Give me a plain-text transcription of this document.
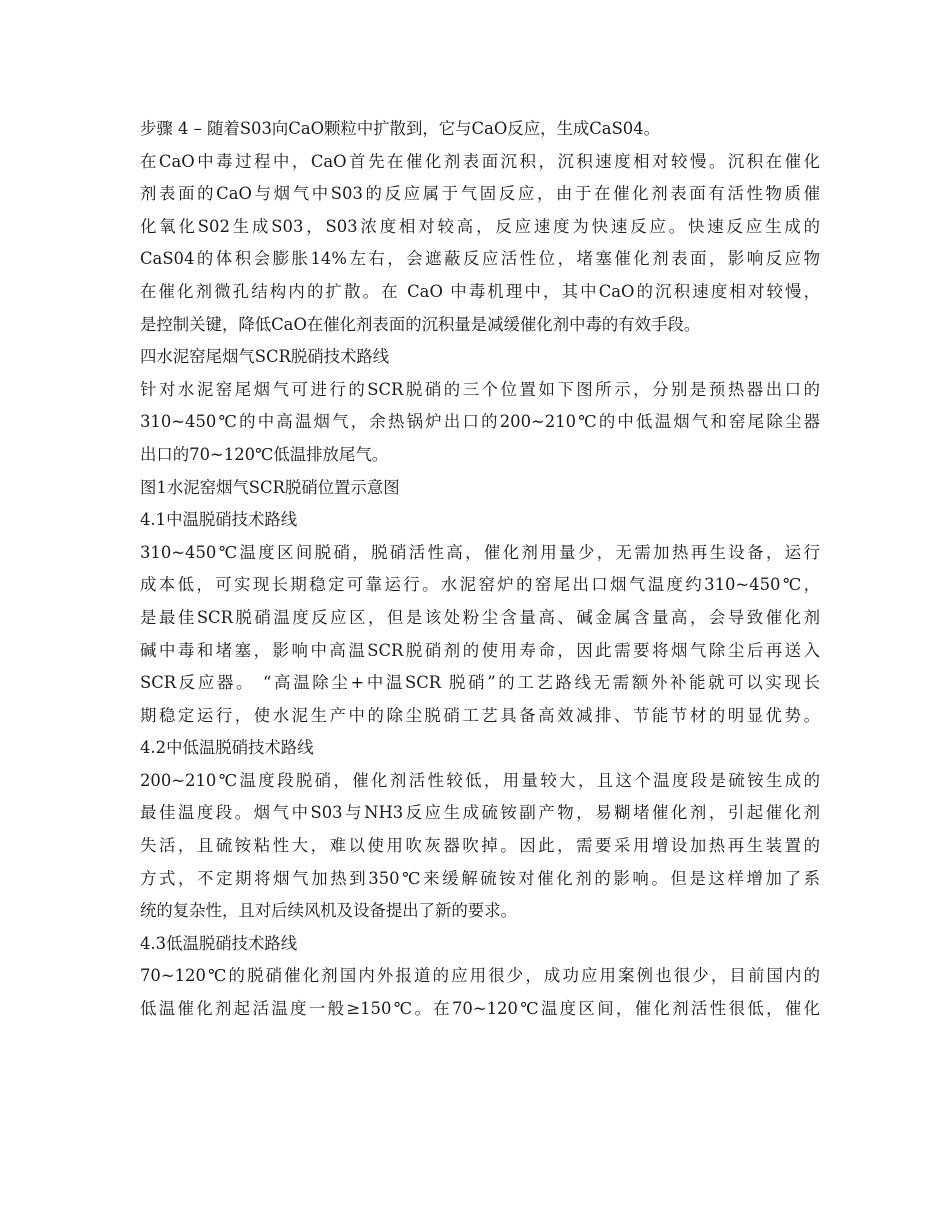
步骤 4 – 随着S03向CaO颗粒中扩散到，它与CaO反应，生成CaS04。
在CaO中毒过程中，CaO首先在催化剂表面沉积，沉积速度相对较慢。沉积在催化
剂表面的CaO与烟气中S03的反应属于气固反应，由于在催化剂表面有活性物质催
化氧化S02生成S03，S03浓度相对较高，反应速度为快速反应。快速反应生成的
CaS04的体积会膨胀14%左右，会遮蔽反应活性位，堵塞催化剂表面，影响反应物
在催化剂微孔结构内的扩散。在 CaO 中毒机理中，其中CaO的沉积速度相对较慢，
是控制关键，降低CaO在催化剂表面的沉积量是减缓催化剂中毒的有效手段。
四水泥窑尾烟气SCR脱硝技术路线
针对水泥窑尾烟气可进行的SCR脱硝的三个位置如下图所示，分别是预热器出口的
310~450℃的中高温烟气，余热锅炉出口的200~210℃的中低温烟气和窑尾除尘器
出口的70~120℃低温排放尾气。
图1水泥窑烟气SCR脱硝位置示意图
4.1中温脱硝技术路线
310~450℃温度区间脱硝，脱硝活性高，催化剂用量少，无需加热再生设备，运行
成本低，可实现长期稳定可靠运行。水泥窑炉的窑尾出口烟气温度约310~450℃，
是最佳SCR脱硝温度反应区，但是该处粉尘含量高、碱金属含量高，会导致催化剂
碱中毒和堵塞，影响中高温SCR脱硝剂的使用寿命，因此需要将烟气除尘后再送入
SCR反应器。 “高温除尘+中温SCR 脱硝”的工艺路线无需额外补能就可以实现长
期稳定运行，使水泥生产中的除尘脱硝工艺具备高效减排、节能节材的明显优势。
4.2中低温脱硝技术路线
200~210℃温度段脱硝，催化剂活性较低，用量较大，且这个温度段是硫铵生成的
最佳温度段。烟气中S03与NH3反应生成硫铵副产物，易糊堵催化剂，引起催化剂
失活，且硫铵粘性大，难以使用吹灰器吹掉。因此，需要采用增设加热再生装置的
方式，不定期将烟气加热到350℃来缓解硫铵对催化剂的影响。但是这样增加了系
统的复杂性，且对后续风机及设备提出了新的要求。
4.3低温脱硝技术路线
70~120℃的脱硝催化剂国内外报道的应用很少，成功应用案例也很少，目前国内的
低温催化剂起活温度一般≥150℃。在70~120℃温度区间，催化剂活性很低，催化
